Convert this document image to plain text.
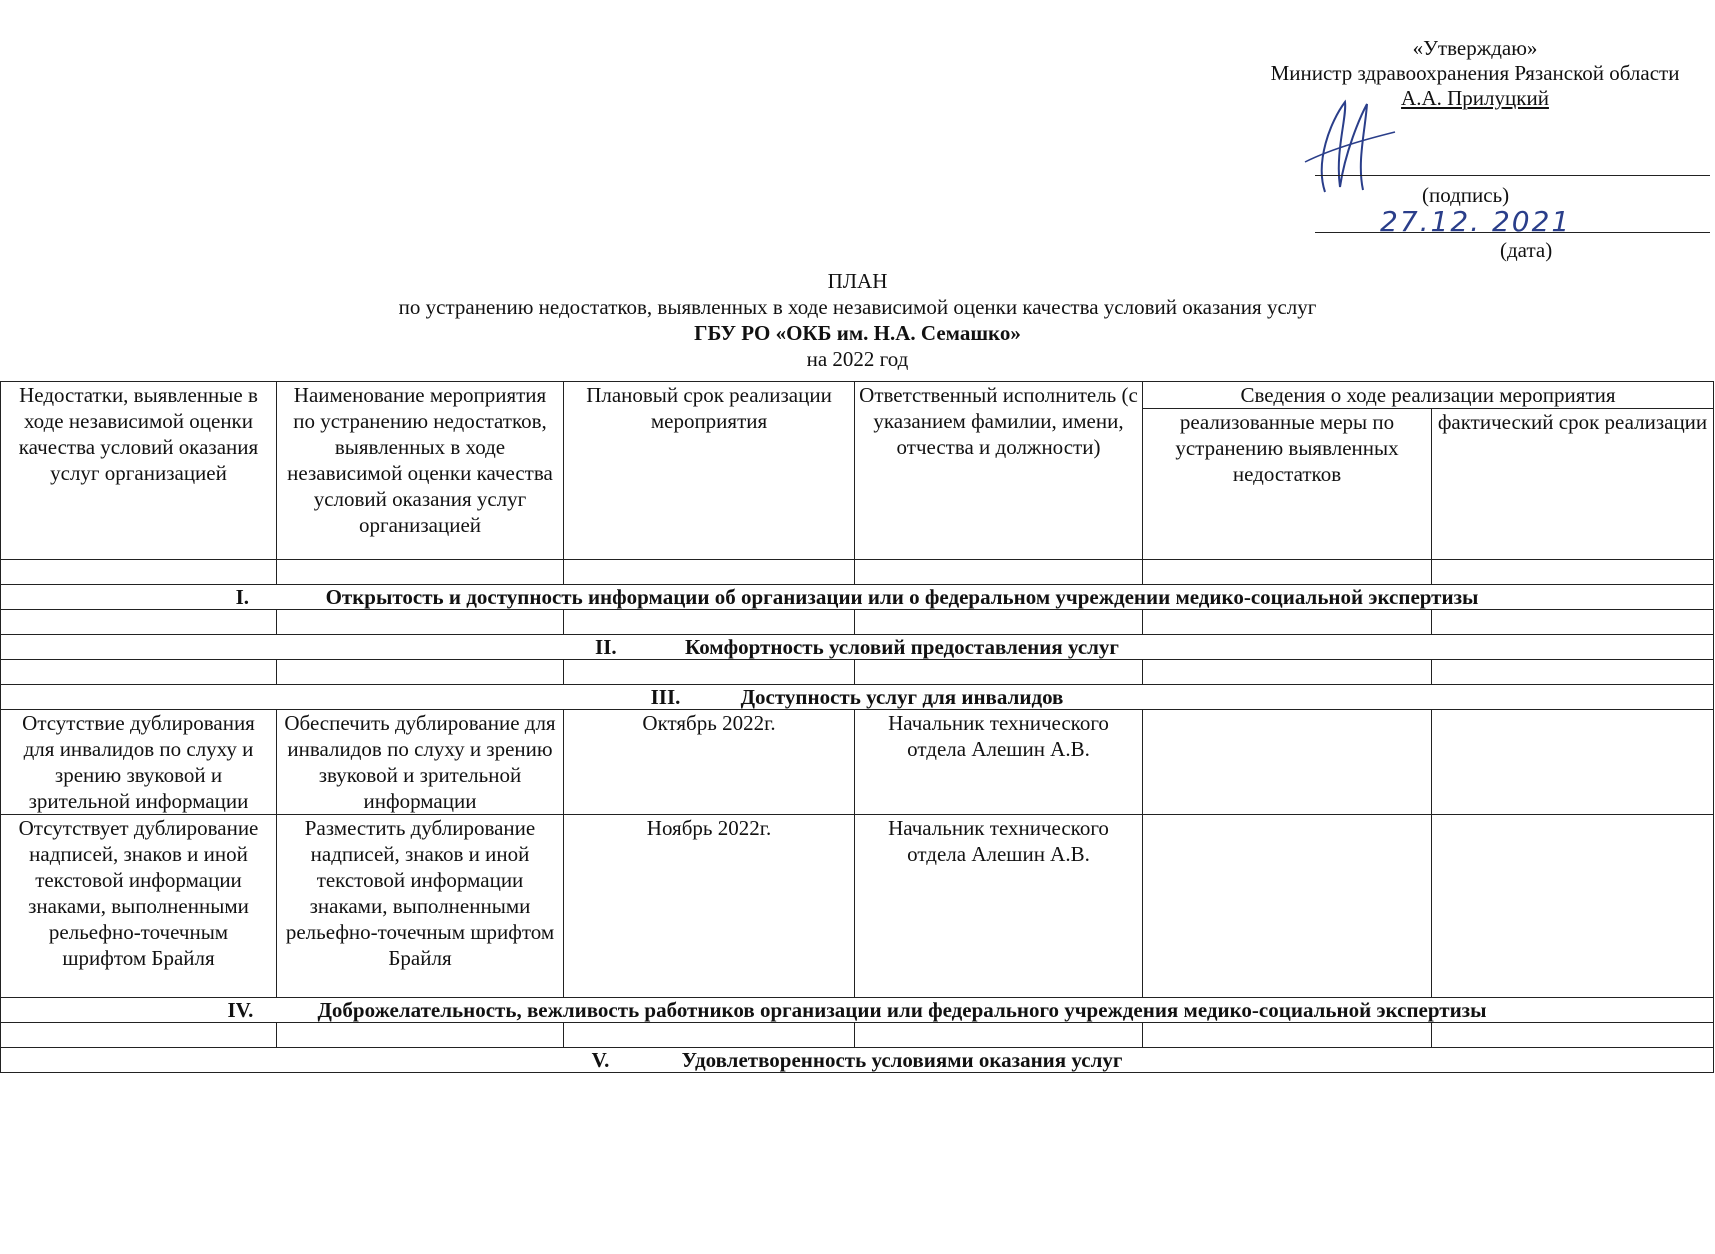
«Утверждаю»
Министр здравоохранения Рязанской области
А.А. Прилуцкий
(подпись)
27.12. 2021
(дата)
ПЛАН
по устранению недостатков, выявленных в ходе независимой оценки качества условий оказания услуг
ГБУ РО «ОКБ им. Н.А. Семашко»
на 2022 год
Недостатки, выявленные в ходе независимой оценки качества условий оказания услуг организацией	Наименование мероприятия по устранению недостатков, выявленных в ходе независимой оценки качества условий оказания услуг организацией	Плановый срок реализации мероприятия	Ответственный исполнитель (с указанием фамилии, имени, отчества и должности)	Сведения о ходе реализации мероприятия	
				реализованные меры по устранению выявленных недостатков	фактический срок реализации

I. Открытость и доступность информации об организации или о федеральном учреждении медико-социальной экспертизы					

II. Комфортность условий предоставления услуг					

III. Доступность услуг для инвалидов					
Отсутствие дублирования для инвалидов по слуху и зрению звуковой и зрительной информации	Обеспечить дублирование для инвалидов по слуху и зрению звуковой и зрительной информации	Октябрь 2022г.	Начальник технического отдела Алешин А.В.		
Отсутствует дублирование надписей, знаков и иной текстовой информации знаками, выполненными рельефно-точечным шрифтом Брайля	Разместить дублирование надписей, знаков и иной текстовой информации знаками, выполненными рельефно-точечным шрифтом Брайля	Ноябрь 2022г.	Начальник технического отдела Алешин А.В.		
IV. Доброжелательность, вежливость работников организации или федерального учреждения медико-социальной экспертизы					

V. Удовлетворенность условиями оказания услуг					
